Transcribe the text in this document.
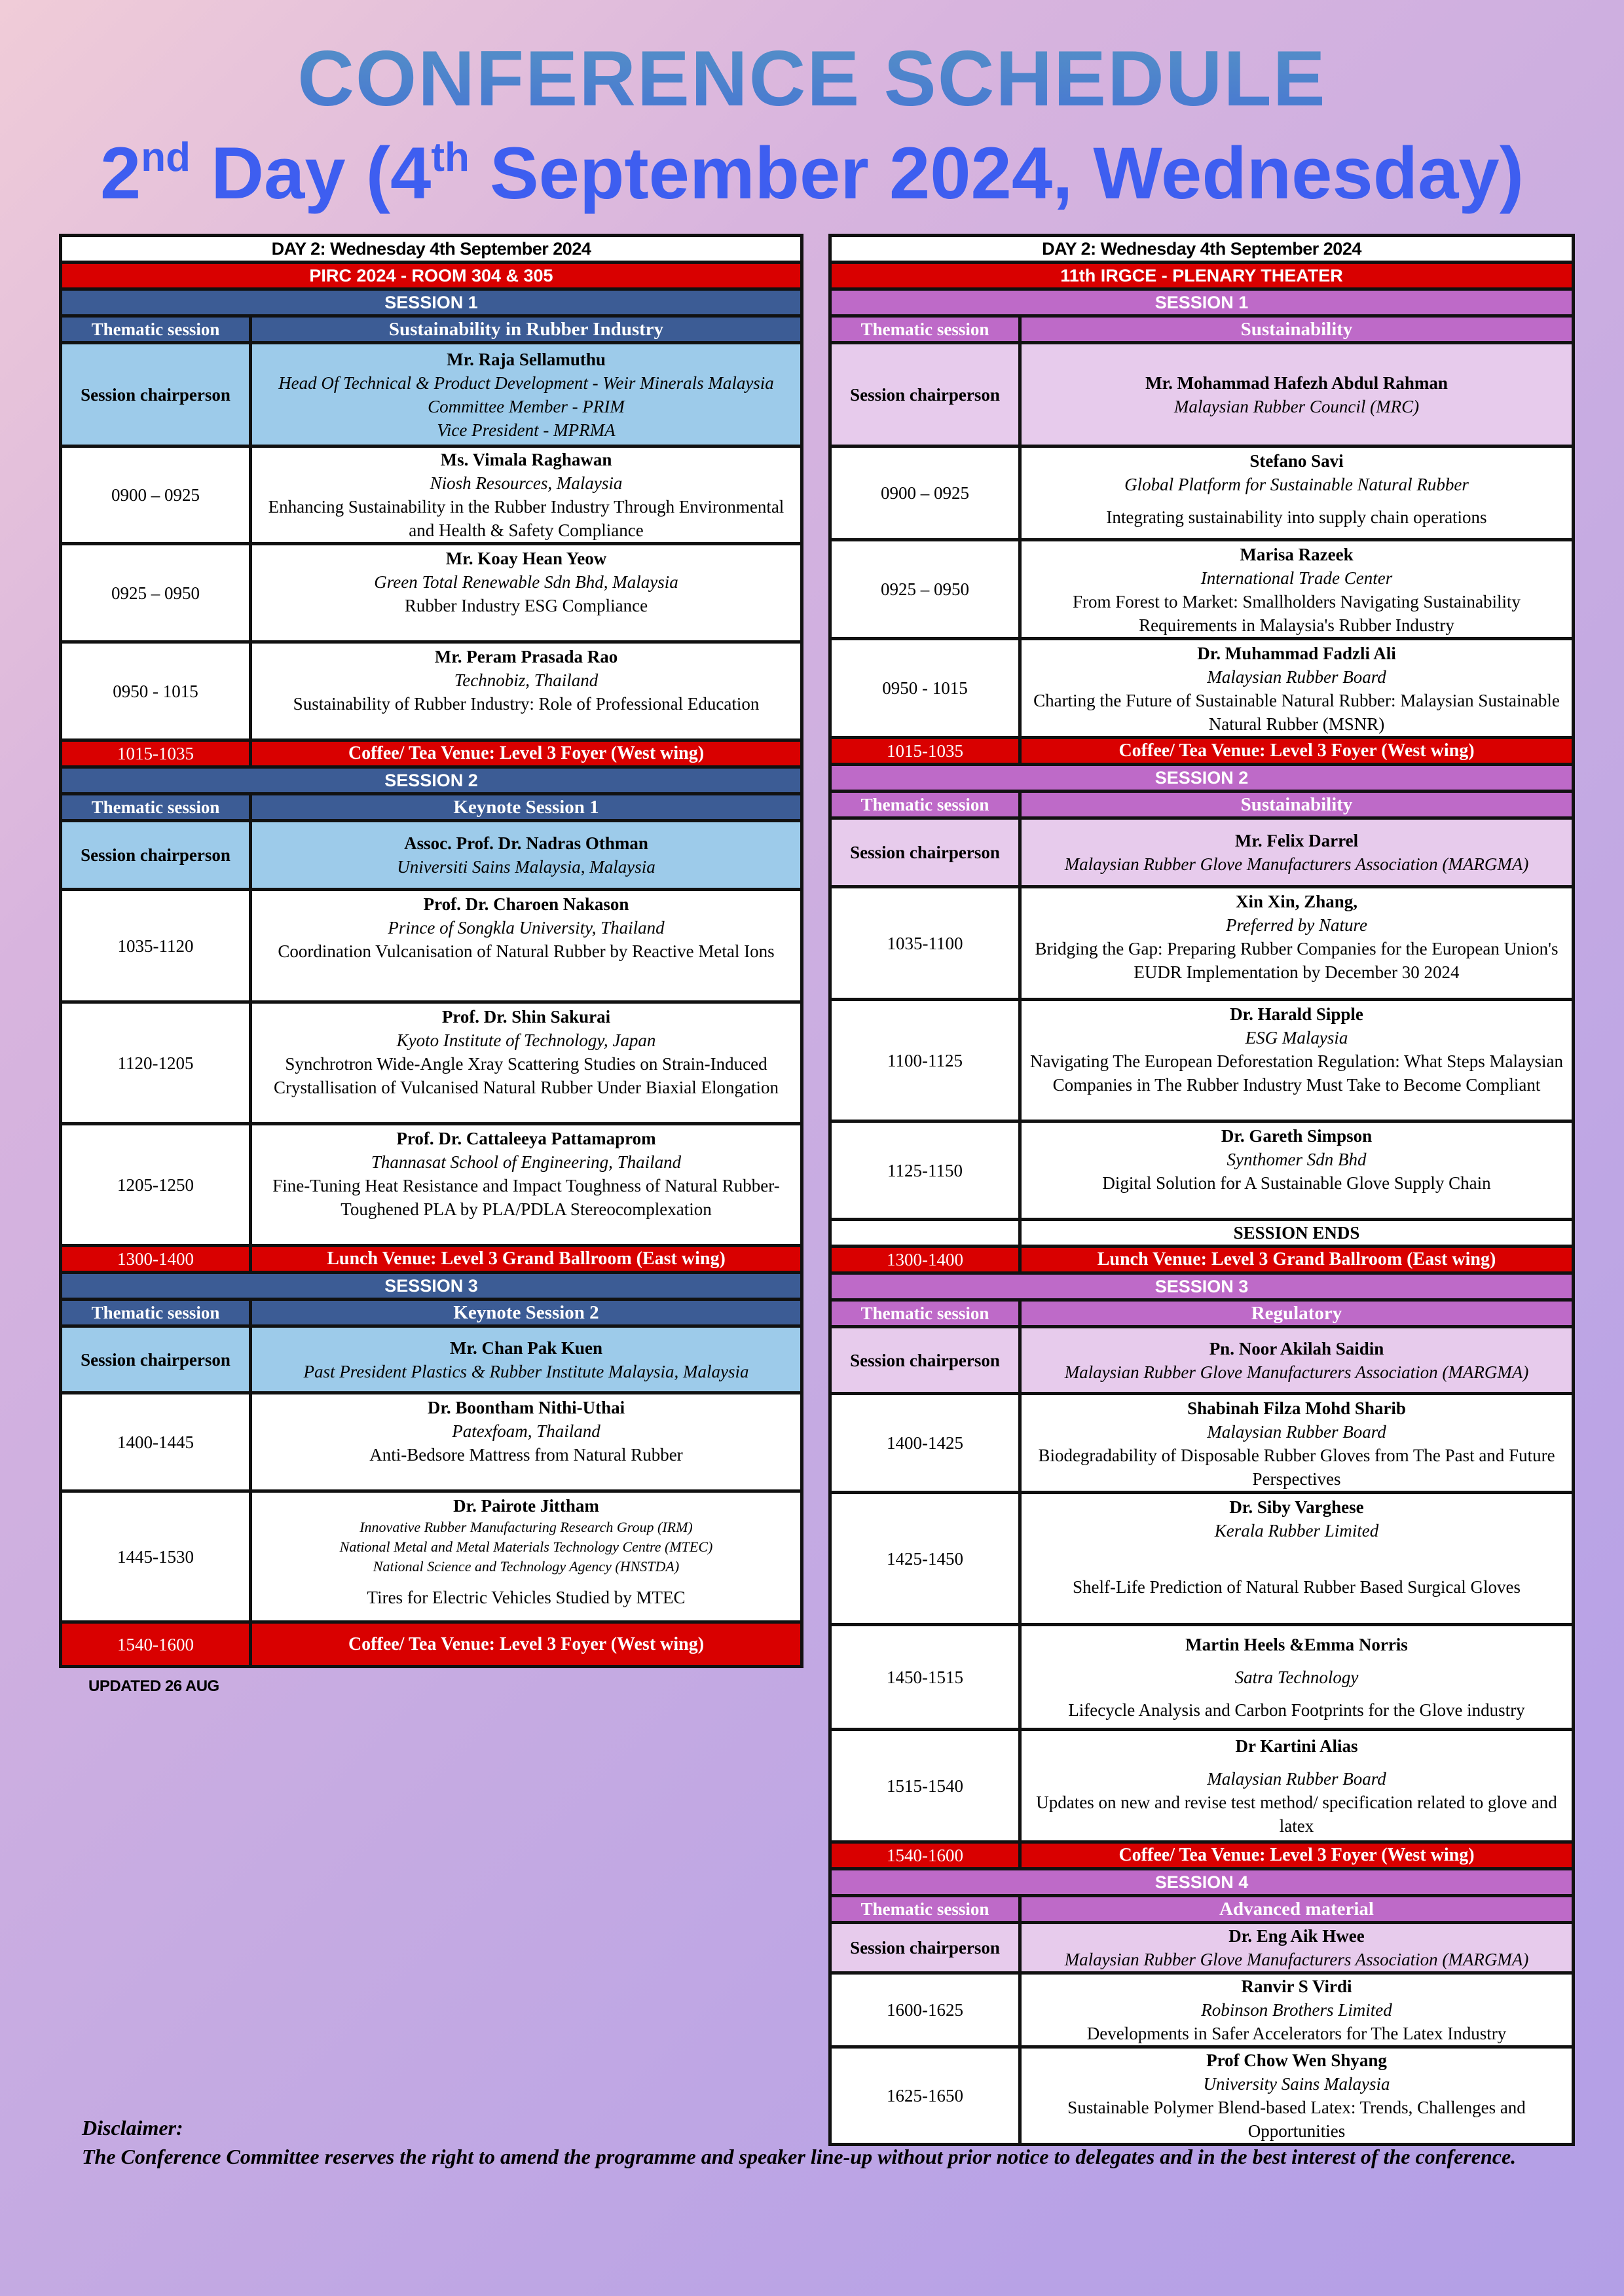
CONFERENCE SCHEDULE
2nd Day (4th September 2024, Wednesday)
DAY 2: Wednesday 4th September 2024	
PIRC 2024 - ROOM 304 & 305	
SESSION 1	
Thematic session	Sustainability in Rubber Industry
Session chairperson	Mr. Raja Sellamuthu
Head Of Technical & Product Development - Weir Minerals Malaysia
Committee Member - PRIM
Vice President - MPRMA

0900 – 0925	Ms. Vimala Raghawan
Niosh Resources, Malaysia
Enhancing Sustainability in the Rubber Industry Through Environmental and Health & Safety Compliance

0925 – 0950	Mr. Koay Hean Yeow
Green Total Renewable Sdn Bhd, Malaysia
Rubber Industry ESG Compliance

0950 - 1015	Mr. Peram Prasada Rao
Technobiz, Thailand
Sustainability of Rubber Industry: Role of Professional Education

1015-1035	Coffee/ Tea Venue: Level 3 Foyer (West wing)
SESSION 2	
Thematic session	Keynote Session 1
Session chairperson	Assoc. Prof. Dr. Nadras Othman
Universiti Sains Malaysia, Malaysia

1035-1120	Prof. Dr. Charoen Nakason
Prince of Songkla University, Thailand
Coordination Vulcanisation of Natural Rubber by Reactive Metal Ions

1120-1205	Prof. Dr. Shin Sakurai
Kyoto Institute of Technology, Japan
Synchrotron Wide-Angle Xray Scattering Studies on Strain-Induced Crystallisation of Vulcanised Natural Rubber Under Biaxial Elongation

1205-1250	Prof. Dr. Cattaleeya Pattamaprom
Thannasat School of Engineering, Thailand
Fine-Tuning Heat Resistance and Impact Toughness of Natural Rubber-Toughened PLA by PLA/PDLA Stereocomplexation

1300-1400	Lunch Venue: Level 3 Grand Ballroom (East wing)
SESSION 3	
Thematic session	Keynote Session 2
Session chairperson	Mr. Chan Pak Kuen
Past President Plastics & Rubber Institute Malaysia, Malaysia

1400-1445	Dr. Boontham Nithi-Uthai
Patexfoam, Thailand
Anti-Bedsore Mattress from Natural Rubber

1445-1530	Dr. Pairote Jittham
Innovative Rubber Manufacturing Research Group (IRM)
National Metal and Metal Materials Technology Centre (MTEC)
National Science and Technology Agency (HNSTDA)
Tires for Electric Vehicles Studied by MTEC

1540-1600	Coffee/ Tea Venue: Level 3 Foyer (West wing)
UPDATED 26 AUG
DAY 2: Wednesday 4th September 2024	
11th IRGCE - PLENARY THEATER	
SESSION 1	
Thematic session	Sustainability
Session chairperson	Mr. Mohammad Hafezh Abdul Rahman
Malaysian Rubber Council (MRC)

0900 – 0925	Stefano Savi
Global Platform for Sustainable Natural Rubber
Integrating sustainability into supply chain operations

0925 – 0950	Marisa Razeek
International Trade Center
From Forest to Market: Smallholders Navigating Sustainability Requirements in Malaysia's Rubber Industry

0950 - 1015	Dr. Muhammad Fadzli Ali
Malaysian Rubber Board
Charting the Future of Sustainable Natural Rubber: Malaysian Sustainable Natural Rubber (MSNR)

1015-1035	Coffee/ Tea Venue: Level 3 Foyer (West wing)
SESSION 2	
Thematic session	Sustainability
Session chairperson	Mr. Felix Darrel
Malaysian Rubber Glove Manufacturers Association (MARGMA)

1035-1100	Xin Xin, Zhang,
Preferred by Nature
Bridging the Gap: Preparing Rubber Companies for the European Union's EUDR Implementation by December 30 2024

1100-1125	Dr. Harald Sipple
ESG Malaysia
Navigating The European Deforestation Regulation: What Steps Malaysian Companies in The Rubber Industry Must Take to Become Compliant

1125-1150	Dr. Gareth Simpson
Synthomer Sdn Bhd
Digital Solution for A Sustainable Glove Supply Chain

	SESSION ENDS
1300-1400	Lunch Venue: Level 3 Grand Ballroom (East wing)
SESSION 3	
Thematic session	Regulatory
Session chairperson	Pn. Noor Akilah Saidin
Malaysian Rubber Glove Manufacturers Association (MARGMA)

1400-1425	Shabinah Filza Mohd Sharib
Malaysian Rubber Board
Biodegradability of Disposable Rubber Gloves from The Past and Future Perspectives

1425-1450	Dr. Siby Varghese
Kerala Rubber Limited
Shelf-Life Prediction of Natural Rubber Based Surgical Gloves

1450-1515	Martin Heels &Emma Norris
Satra Technology
Lifecycle Analysis and Carbon Footprints for the Glove industry

1515-1540	Dr Kartini Alias
Malaysian Rubber Board
Updates on new and revise test method/ specification related to glove and latex

1540-1600	Coffee/ Tea Venue: Level 3 Foyer (West wing)
SESSION 4	
Thematic session	Advanced material
Session chairperson	Dr. Eng Aik Hwee
Malaysian Rubber Glove Manufacturers Association (MARGMA)

1600-1625	Ranvir S Virdi
Robinson Brothers Limited
Developments in Safer Accelerators for The Latex Industry

1625-1650	Prof Chow Wen Shyang
University Sains Malaysia
Sustainable Polymer Blend-based Latex: Trends, Challenges and Opportunities
Disclaimer:
The Conference Committee reserves the right to amend the programme and speaker line-up without prior notice to delegates and in the best interest of the conference.
